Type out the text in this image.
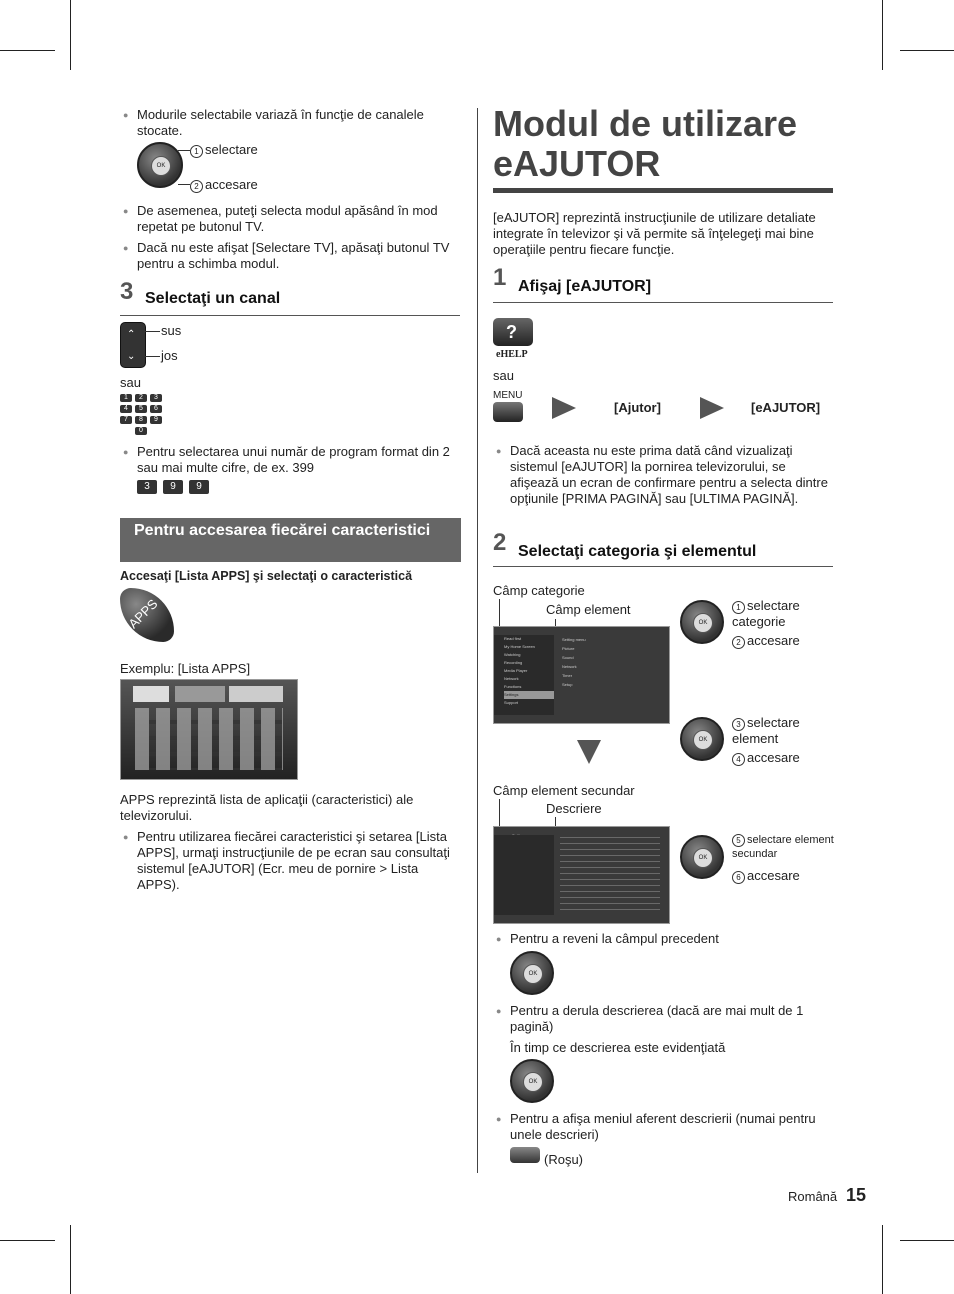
● Modurile selectabile variază în funcţie de canalele stocate.
OK
1 selectare
2 accesare
● De asemenea, puteţi selecta modul apăsând în mod repetat pe butonul TV.
● Dacă nu este afişat [Selectare TV], apăsaţi butonul TV pentru a schimba modul.
3 Selectaţi un canal
⌃
⌄
sus
jos
sau
1	2	3
4	5	6
7	8	9
0
● Pentru selectarea unui număr de program format din 2 sau mai multe cifre, de ex. 399
3	9	9
Pentru accesarea fiecărei caracteristici
Accesaţi [Lista APPS] şi selectaţi o caracteristică
APPS
Exemplu: [Lista APPS]
APPS reprezintă lista de aplicaţii (caracteristici) ale televizorului.
● Pentru utilizarea fiecărei caracteristici şi setarea [Lista APPS], urmaţi instrucţiunile de pe ecran sau consultaţi sistemul [eAJUTOR] (Ecr. meu de pornire > Lista APPS).
Modul de utilizare
eAJUTOR
[eAJUTOR] reprezintă instrucţiunile de utilizare detaliate integrate în televizor şi vă permite să înţelegeţi mai bine operaţiile pentru fiecare funcţie.
1 Afişaj [eAJUTOR]
?
eHELP
sau
MENU
[Ajutor]	[eAJUTOR]
● Dacă aceasta nu este prima dată când vizualizaţi sistemul [eAJUTOR] la pornirea televizorului, se afişează un ecran de confirmare pentru a selecta dintre opţiunile [PRIMA PAGINĂ] sau [ULTIMA PAGINĂ].
2 Selectaţi categoria şi elementul
Câmp categorie
Câmp element
Read first
My Home Screen
Watching
Recording
Media Player
Network
Functions
Settings
Support
Setting menu
Picture
Sound
Network
Timer
Setup
OK
1 selectare categorie
2 accesare
OK
3 selectare element
4 accesare
Câmp element secundar
Descriere
OK
5 selectare element secundar
6 accesare
● Pentru a reveni la câmpul precedent
OK
● Pentru a derula descrierea (dacă are mai mult de 1 pagină)
În timp ce descrierea este evidenţiată
OK
● Pentru a afişa meniul aferent descrierii (numai pentru unele descrieri)
(Roşu)
Română 15
